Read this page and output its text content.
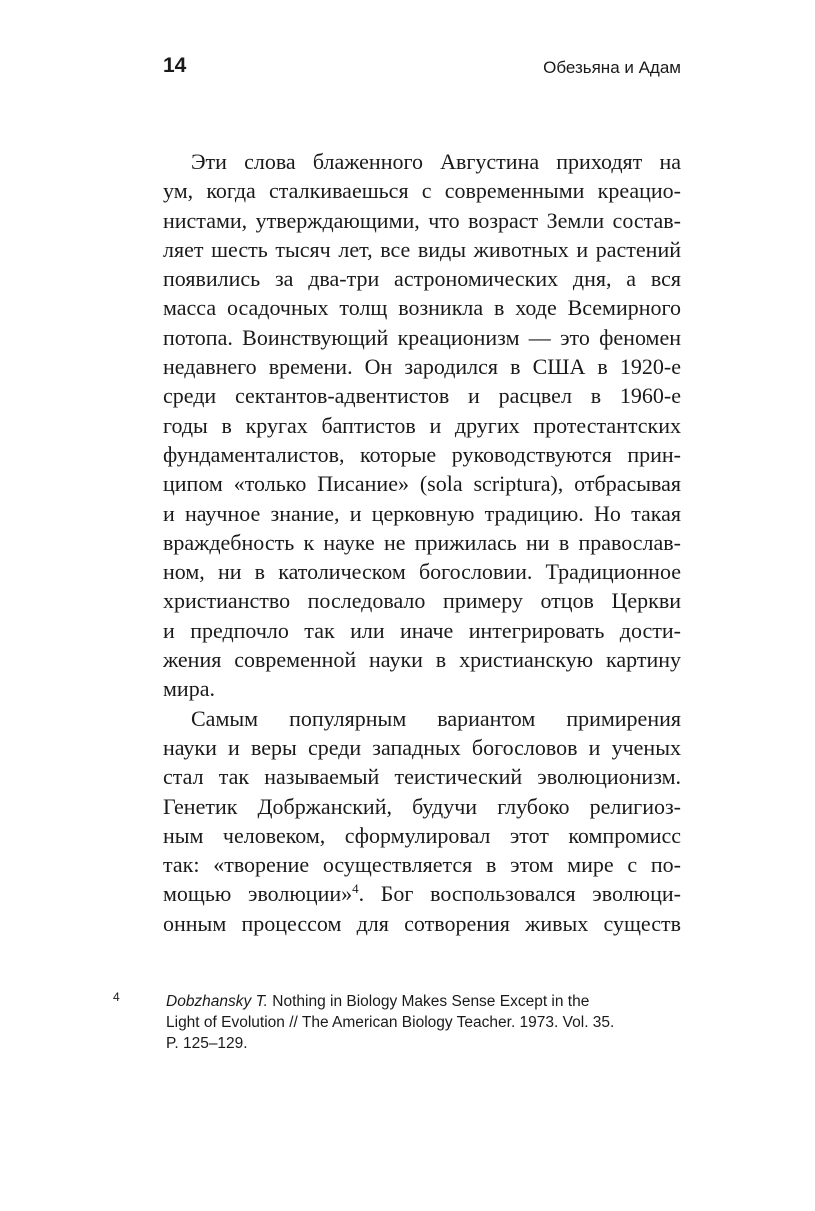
14	Обезьяна и Адам
Эти слова блаженного Августина приходят на
ум, когда сталкиваешься с современными креацио-
нистами, утверждающими, что возраст Земли состав-
ляет шесть тысяч лет, все виды животных и растений
появились за два-три астрономических дня, а вся
масса осадочных толщ возникла в ходе Всемирного
потопа. Воинствующий креационизм — это феномен
недавнего времени. Он зародился в США в 1920-е
среди сектантов-адвентистов и расцвел в 1960-е
годы в кругах баптистов и других протестантских
фундаменталистов, которые руководствуются прин-
ципом «только Писание» (sola scriptura), отбрасывая
и научное знание, и церковную традицию. Но такая
враждебность к науке не прижилась ни в православ-
ном, ни в католическом богословии. Традиционное
христианство последовало примеру отцов Церкви
и предпочло так или иначе интегрировать дости-
жения современной науки в христианскую картину
мира.
Самым популярным вариантом примирения
науки и веры среди западных богословов и ученых
стал так называемый теистический эволюционизм.
Генетик Добржанский, будучи глубоко религиоз-
ным человеком, сформулировал этот компромисс
так: «творение осуществляется в этом мире с по-
мощью эволюции»$^4$. Бог воспользовался эволюци-
онным процессом для сотворения живых существ
4	Dobzhansky T. Nothing in Biology Makes Sense Except in the
Light of Evolution // The American Biology Teacher. 1973. Vol. 35.
P. 125–129.
